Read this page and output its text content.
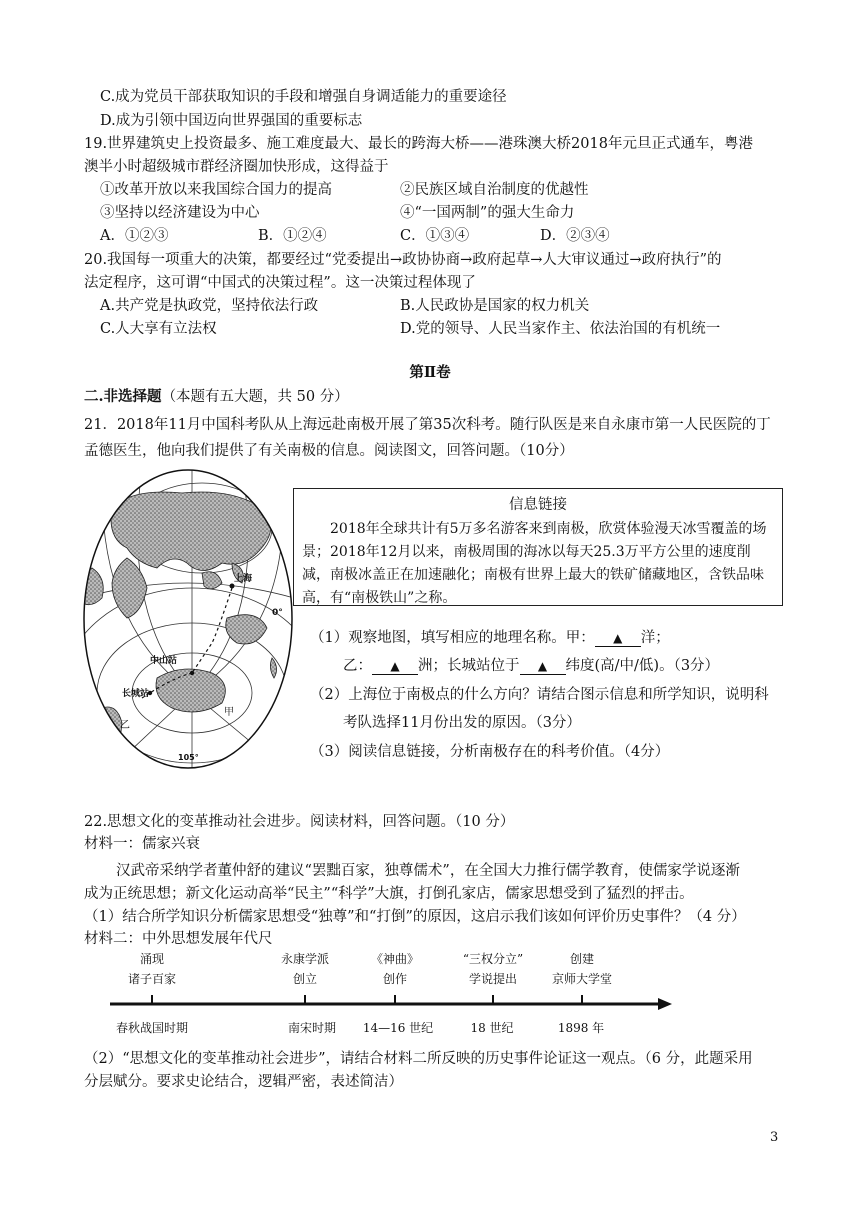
C.成为党员干部获取知识的手段和增强自身调适能力的重要途径
D.成为引领中国迈向世界强国的重要标志
19.世界建筑史上投资最多、施工难度最大、最长的跨海大桥——港珠澳大桥2018年元旦正式通车，粤港
澳半小时超级城市群经济圈加快形成，这得益于
①改革开放以来我国综合国力的提高	②民族区域自治制度的优越性
③坚持以经济建设为中心	④“一国两制”的强大生命力
A．①②③	B．①②④	C．①③④	D．②③④
20.我国每一项重大的决策，都要经过“党委提出→政协协商→政府起草→人大审议通过→政府执行”的
法定程序，这可谓“中国式的决策过程”。这一决策过程体现了
A.共产党是执政党，坚持依法行政	B.人民政协是国家的权力机关
C.人大享有立法权	D.党的领导、人民当家作主、依法治国的有机统一
第Ⅱ卷
二.非选择题（本题有五大题，共 50 分）
21．2018年11月中国科考队从上海远赴南极开展了第35次科考。随行队医是来自永康市第一人民医院的丁
孟德医生，他向我们提供了有关南极的信息。阅读图文，回答问题。（10分）
上海
0°
中山站
长城站
甲
乙
105°
信息链接
2018年全球共计有5万多名游客来到南极，欣赏体验漫天冰雪覆盖的场景；2018年12月以来，南极周围的海冰以每天25.3万平方公里的速度削减，南极冰盖正在加速融化；南极有世界上最大的铁矿储藏地区，含铁品味高，有“南极铁山”之称。
（1）观察地图，填写相应的地理名称。甲： ▲ 洋；
乙： ▲ 洲；长城站位于 ▲ 纬度(高/中/低)。（3分）
（2）上海位于南极点的什么方向？请结合图示信息和所学知识，说明科
考队选择11月份出发的原因。（3分）
（3）阅读信息链接，分析南极存在的科考价值。（4分）
22.思想文化的变革推动社会进步。阅读材料，回答问题。（10 分）
材料一：儒家兴衰
汉武帝采纳学者董仲舒的建议“罢黜百家，独尊儒术”，在全国大力推行儒学教育，使儒家学说逐渐
成为正统思想；新文化运动高举“民主”“科学”大旗，打倒孔家店，儒家思想受到了猛烈的抨击。
（1）结合所学知识分析儒家思想受“独尊”和“打倒”的原因，这启示我们该如何评价历史事件？（4 分）
材料二：中外思想发展年代尺
涌现
诸子百家
春秋战国时期
永康学派
创立
南宋时期
《神曲》
创作
14—16 世纪
“三权分立”
学说提出
18 世纪
创建
京师大学堂
1898 年
3
（2）“思想文化的变革推动社会进步”，请结合材料二所反映的历史事件论证这一观点。（6 分，此题采用
分层赋分。要求史论结合，逻辑严密，表述简洁）
